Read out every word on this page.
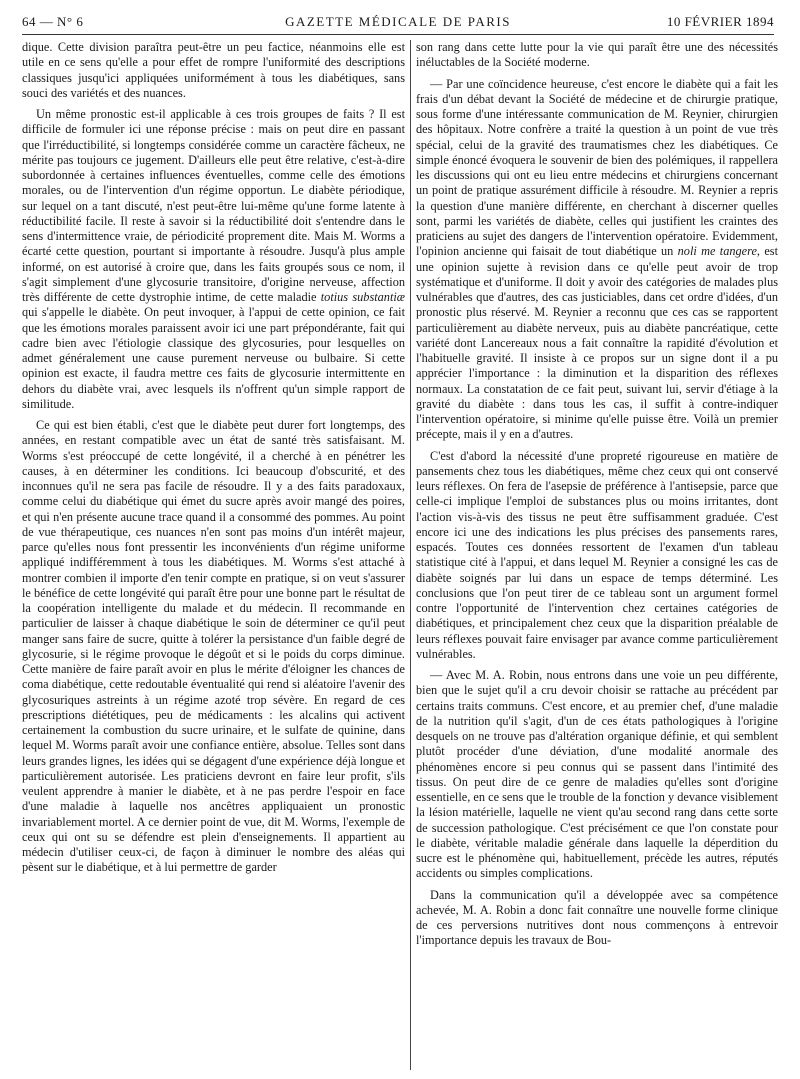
64 — N° 6	GAZETTE MÉDICALE DE PARIS	10 FÉVRIER 1894

dique. Cette division paraîtra peut-être un peu factice, néanmoins elle est utile en ce sens qu'elle a pour effet de rompre l'uniformité des descriptions classiques jusqu'ici appliquées uniformément à tous les diabétiques, sans souci des variétés et des nuances.

Un même pronostic est-il applicable à ces trois groupes de faits ? Il est difficile de formuler ici une réponse précise : mais on peut dire en passant que l'irréductibilité, si longtemps considérée comme un caractère fâcheux, ne mérite pas toujours ce jugement. D'ailleurs elle peut être relative, c'est-à-dire subordonnée à certaines influences éventuelles, comme celle des émotions morales, ou de l'intervention d'un régime opportun. Le diabète périodique, sur lequel on a tant discuté, n'est peut-être lui-même qu'une forme latente à réductibilité facile. Il reste à savoir si la réductibilité doit s'entendre dans le sens d'intermittence vraie, de périodicité proprement dite. Mais M. Worms a écarté cette question, pourtant si importante à résoudre. Jusqu'à plus ample informé, on est autorisé à croire que, dans les faits groupés sous ce nom, il s'agit simplement d'une glycosurie transitoire, d'origine nerveuse, affection très différente de cette dystrophie intime, de cette maladie totius substantiæ qui s'appelle le diabète. On peut invoquer, à l'appui de cette opinion, ce fait que les émotions morales paraissent avoir ici une part prépondérante, fait qui cadre bien avec l'étiologie classique des glycosuries, pour lesquelles on admet généralement une cause purement nerveuse ou bulbaire. Si cette opinion est exacte, il faudra mettre ces faits de glycosurie intermittente en dehors du diabète vrai, avec lesquels ils n'offrent qu'un simple rapport de similitude.

Ce qui est bien établi, c'est que le diabète peut durer fort longtemps, des années, en restant compatible avec un état de santé très satisfaisant. M. Worms s'est préoccupé de cette longévité, il a cherché à en pénétrer les causes, à en déterminer les conditions. Ici beaucoup d'obscurité, et des inconnues qu'il ne sera pas facile de résoudre. Il y a des faits paradoxaux, comme celui du diabétique qui émet du sucre après avoir mangé des poires, et qui n'en présente aucune trace quand il a consommé des pommes. Au point de vue thérapeutique, ces nuances n'en sont pas moins d'un intérêt majeur, parce qu'elles nous font pressentir les inconvénients d'un régime uniforme appliqué indifféremment à tous les diabétiques. M. Worms s'est attaché à montrer combien il importe d'en tenir compte en pratique, si on veut s'assurer le bénéfice de cette longévité qui paraît être pour une bonne part le résultat de la coopération intelligente du malade et du médecin. Il recommande en particulier de laisser à chaque diabétique le soin de déterminer ce qu'il peut manger sans faire de sucre, quitte à tolérer la persistance d'un faible degré de glycosurie, si le régime provoque le dégoût et si le poids du corps diminue. Cette manière de faire paraît avoir en plus le mérite d'éloigner les chances de coma diabétique, cette redoutable éventualité qui rend si aléatoire l'avenir des glycosuriques astreints à un régime azoté trop sévère. En regard de ces prescriptions diététiques, peu de médicaments : les alcalins qui activent certainement la combustion du sucre urinaire, et le sulfate de quinine, dans lequel M. Worms paraît avoir une confiance entière, absolue. Telles sont dans leurs grandes lignes, les idées qui se dégagent d'une expérience déjà longue et particulièrement autorisée. Les praticiens devront en faire leur profit, s'ils veulent apprendre à manier le diabète, et à ne pas perdre l'espoir en face d'une maladie à laquelle nos ancêtres appliquaient un pronostic invariablement mortel. A ce dernier point de vue, dit M. Worms, l'exemple de ceux qui ont su se défendre est plein d'enseignements. Il appartient au médecin d'utiliser ceux-ci, de façon à diminuer le nombre des aléas qui pèsent sur le diabétique, et à lui permettre de garder

son rang dans cette lutte pour la vie qui paraît être une des nécessités inéluctables de la Société moderne.

— Par une coïncidence heureuse, c'est encore le diabète qui a fait les frais d'un débat devant la Société de médecine et de chirurgie pratique, sous forme d'une intéressante communication de M. Reynier, chirurgien des hôpitaux. Notre confrère a traité la question à un point de vue très spécial, celui de la gravité des traumatismes chez les diabétiques. Ce simple énoncé évoquera le souvenir de bien des polémiques, il rappellera les discussions qui ont eu lieu entre médecins et chirurgiens concernant un point de pratique assurément difficile à résoudre. M. Reynier a repris la question d'une manière différente, en cherchant à discerner quelles sont, parmi les variétés de diabète, celles qui justifient les craintes des praticiens au sujet des dangers de l'intervention opératoire. Evidemment, l'opinion ancienne qui faisait de tout diabétique un noli me tangere, est une opinion sujette à revision dans ce qu'elle peut avoir de trop systématique et d'uniforme. Il doit y avoir des catégories de malades plus vulnérables que d'autres, des cas justiciables, dans cet ordre d'idées, d'un pronostic plus réservé. M. Reynier a reconnu que ces cas se rapportent particulièrement au diabète nerveux, puis au diabète pancréatique, cette variété dont Lancereaux nous a fait connaître la rapidité d'évolution et l'habituelle gravité. Il insiste à ce propos sur un signe dont il a pu apprécier l'importance : la diminution et la disparition des réflexes normaux. La constatation de ce fait peut, suivant lui, servir d'étiage à la gravité du diabète : dans tous les cas, il suffit à contre-indiquer l'intervention opératoire, si minime qu'elle puisse être. Voilà un premier précepte, mais il y en a d'autres.

C'est d'abord la nécessité d'une propreté rigoureuse en matière de pansements chez tous les diabétiques, même chez ceux qui ont conservé leurs réflexes. On fera de l'asepsie de préférence à l'antisepsie, parce que celle-ci implique l'emploi de substances plus ou moins irritantes, dont l'action vis-à-vis des tissus ne peut être suffisamment graduée. C'est encore ici une des indications les plus précises des pansements rares, espacés. Toutes ces données ressortent de l'examen d'un tableau statistique cité à l'appui, et dans lequel M. Reynier a consigné les cas de diabète soignés par lui dans un espace de temps déterminé. Les conclusions que l'on peut tirer de ce tableau sont un argument formel contre l'opportunité de l'intervention chez certaines catégories de diabétiques, et principalement chez ceux que la disparition préalable de leurs réflexes pouvait faire envisager par avance comme particulièrement vulnérables.

— Avec M. A. Robin, nous entrons dans une voie un peu différente, bien que le sujet qu'il a cru devoir choisir se rattache au précédent par certains traits communs. C'est encore, et au premier chef, d'une maladie de la nutrition qu'il s'agit, d'un de ces états pathologiques à l'origine desquels on ne trouve pas d'altération organique définie, et qui semblent plutôt procéder d'une déviation, d'une modalité anormale des phénomènes encore si peu connus qui se passent dans l'intimité des tissus. On peut dire de ce genre de maladies qu'elles sont d'origine essentielle, en ce sens que le trouble de la fonction y devance visiblement la lésion matérielle, laquelle ne vient qu'au second rang dans cette sorte de succession pathologique. C'est précisément ce que l'on constate pour le diabète, véritable maladie générale dans laquelle la déperdition du sucre est le phénomène qui, habituellement, précède les autres, réputés accidents ou simples complications.

Dans la communication qu'il a développée avec sa compétence achevée, M. A. Robin a donc fait connaître une nouvelle forme clinique de ces perversions nutritives dont nous commençons à entrevoir l'importance depuis les travaux de Bou-
